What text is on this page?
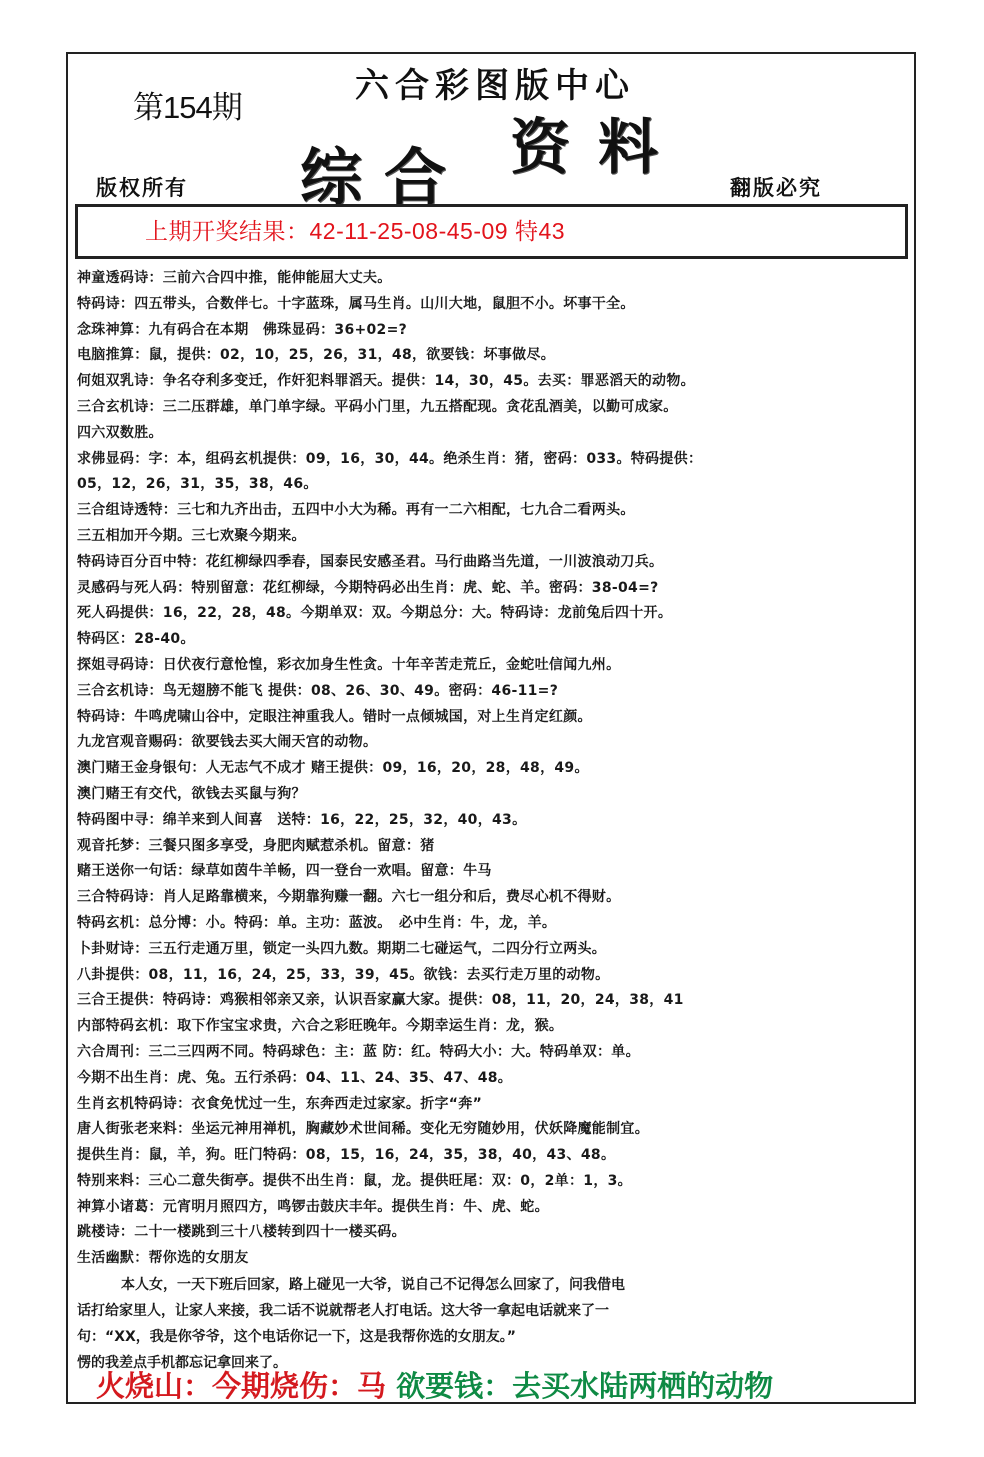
第154期
六合彩图版中心
综合 资料
版权所有	翻版必究
上期开奖结果：42-11-25-08-45-09 特43
神童透码诗：三前六合四中推，能伸能屈大丈夫。
特码诗：四五带头，合数伴七。十字蓝珠，属马生肖。山川大地，鼠胆不小。坏事干全。
念珠神算：九有码合在本期　佛珠显码：36+02=?
电脑推算：鼠，提供：02，10，25，26，31，48，欲要钱：坏事做尽。
何姐双乳诗：争名夺利多变迁，作奸犯料罪滔天。提供：14，30，45。去买：罪恶滔天的动物。
三合玄机诗：三二压群雄，单门单字绿。平码小门里，九五搭配现。贪花乱酒美，以勤可成家。
四六双数胜。
求佛显码：字：本，组码玄机提供：09，16，30，44。绝杀生肖：猪，密码：033。特码提供：
05，12，26，31，35，38，46。
三合组诗透特：三七和九齐出击，五四中小大为稀。再有一二六相配，七九合二看两头。
三五相加开今期。三七欢聚今期来。
特码诗百分百中特：花红柳绿四季春，国泰民安感圣君。马行曲路当先道，一川波浪动刀兵。
灵感码与死人码：特别留意：花红柳绿，今期特码必出生肖：虎、蛇、羊。密码：38-04=?
死人码提供：16，22，28，48。今期单双：双。今期总分：大。特码诗：龙前兔后四十开。
特码区：28-40。
探姐寻码诗：日伏夜行意怆惶，彩衣加身生性贪。十年辛苦走荒丘，金蛇吐信闻九州。
三合玄机诗：鸟无翅膀不能飞 提供：08、26、30、49。密码：46-11=?
特码诗：牛鸣虎啸山谷中，定眼注神重我人。错时一点倾城国，对上生肖定红颜。
九龙宫观音赐码：欲要钱去买大闹天宫的动物。
澳门赌王金身银句：人无志气不成才 赌王提供：09，16，20，28，48，49。
澳门赌王有交代，欲钱去买鼠与狗？
特码图中寻：绵羊来到人间喜　送特：16，22，25，32，40，43。
观音托梦：三餐只图多享受，身肥肉赋惹杀机。留意：猪
赌王送你一句话：绿草如茵牛羊畅，四一登台一欢唱。留意：牛马
三合特码诗：肖人足路靠横来，今期靠狗赚一翻。六七一组分和后，费尽心机不得财。
特码玄机：总分博：小。特码：单。主功：蓝波。　必中生肖：牛，龙，羊。
卜卦财诗：三五行走通万里，锁定一头四九数。期期二七碰运气，二四分行立两头。
八卦提供：08，11，16，24，25，33，39，45。欲钱：去买行走万里的动物。
三合王提供：特码诗：鸡猴相邻亲又亲，认识吾家赢大家。提供：08，11，20，24，38，41
内部特码玄机：取下作宝宝求贵，六合之彩旺晚年。今期幸运生肖：龙，猴。
六合周刊：三二三四两不同。特码球色：主：蓝 防：红。特码大小：大。特码单双：单。
今期不出生肖：虎、兔。五行杀码：04、11、24、35、47、48。
生肖玄机特码诗：衣食免忧过一生，东奔西走过家家。折字“奔”
唐人街张老来料：坐运元神用禅机，胸藏妙术世间稀。变化无穷随妙用，伏妖降魔能制宜。
提供生肖：鼠，羊，狗。旺门特码：08，15，16，24，35，38，40，43、48。
特别来料：三心二意失街亭。提供不出生肖：鼠，龙。提供旺尾：双：0，2单：1，3。
神算小诸葛：元宵明月照四方，鸣锣击鼓庆丰年。提供生肖：牛、虎、蛇。
跳楼诗：二十一楼跳到三十八楼转到四十一楼买码。
生活幽默：帮你选的女朋友
本人女，一天下班后回家，路上碰见一大爷，说自己不记得怎么回家了，问我借电
话打给家里人，让家人来接，我二话不说就帮老人打电话。这大爷一拿起电话就来了一
句：“XX，我是你爷爷，这个电话你记一下，这是我帮你选的女朋友。”
愣的我差点手机都忘记拿回来了。
火烧山：今期烧伤：马 欲要钱：去买水陆两栖的动物
